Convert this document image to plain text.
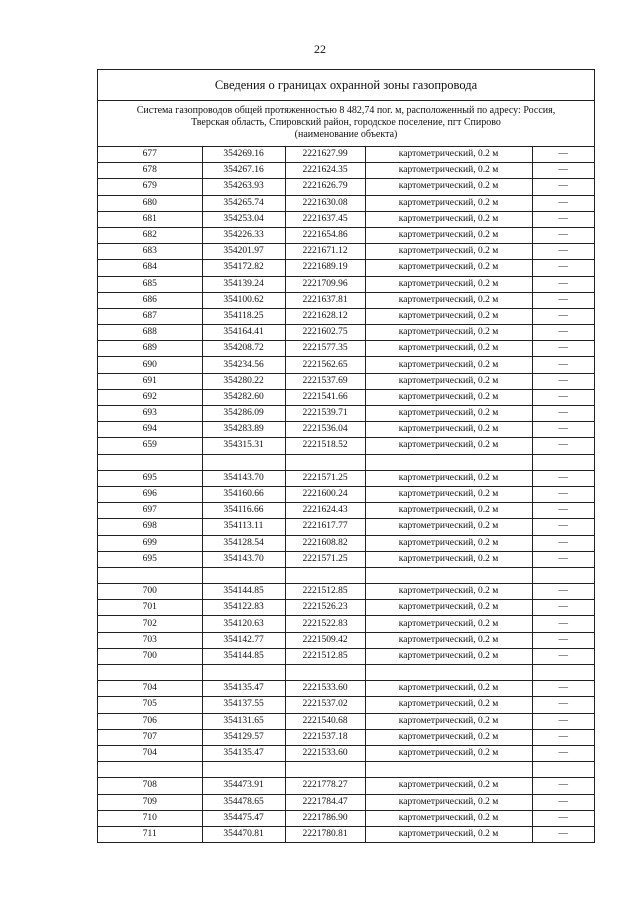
22
Сведения о границах охранной зоны газопровода
Система газопроводов общей протяженностью 8 482,74 пог. м, расположенный по адресу: Россия,
Тверская область, Спировский район, городское поселение, пгт Спирово
(наименование объекта)
677	354269.16	2221627.99	картометрический, 0.2 м	—
678	354267.16	2221624.35	картометрический, 0.2 м	—
679	354263.93	2221626.79	картометрический, 0.2 м	—
680	354265.74	2221630.08	картометрический, 0.2 м	—
681	354253.04	2221637.45	картометрический, 0.2 м	—
682	354226.33	2221654.86	картометрический, 0.2 м	—
683	354201.97	2221671.12	картометрический, 0.2 м	—
684	354172.82	2221689.19	картометрический, 0.2 м	—
685	354139.24	2221709.96	картометрический, 0.2 м	—
686	354100.62	2221637.81	картометрический, 0.2 м	—
687	354118.25	2221628.12	картометрический, 0.2 м	—
688	354164.41	2221602.75	картометрический, 0.2 м	—
689	354208.72	2221577.35	картометрический, 0.2 м	—
690	354234.56	2221562.65	картометрический, 0.2 м	—
691	354280.22	2221537.69	картометрический, 0.2 м	—
692	354282.60	2221541.66	картометрический, 0.2 м	—
693	354286.09	2221539.71	картометрический, 0.2 м	—
694	354283.89	2221536.04	картометрический, 0.2 м	—
659	354315.31	2221518.52	картометрический, 0.2 м	—

695	354143.70	2221571.25	картометрический, 0.2 м	—
696	354160.66	2221600.24	картометрический, 0.2 м	—
697	354116.66	2221624.43	картометрический, 0.2 м	—
698	354113.11	2221617.77	картометрический, 0.2 м	—
699	354128.54	2221608.82	картометрический, 0.2 м	—
695	354143.70	2221571.25	картометрический, 0.2 м	—

700	354144.85	2221512.85	картометрический, 0.2 м	—
701	354122.83	2221526.23	картометрический, 0.2 м	—
702	354120.63	2221522.83	картометрический, 0.2 м	—
703	354142.77	2221509.42	картометрический, 0.2 м	—
700	354144.85	2221512.85	картометрический, 0.2 м	—

704	354135.47	2221533.60	картометрический, 0.2 м	—
705	354137.55	2221537.02	картометрический, 0.2 м	—
706	354131.65	2221540.68	картометрический, 0.2 м	—
707	354129.57	2221537.18	картометрический, 0.2 м	—
704	354135.47	2221533.60	картометрический, 0.2 м	—

708	354473.91	2221778.27	картометрический, 0.2 м	—
709	354478.65	2221784.47	картометрический, 0.2 м	—
710	354475.47	2221786.90	картометрический, 0.2 м	—
711	354470.81	2221780.81	картометрический, 0.2 м	—
